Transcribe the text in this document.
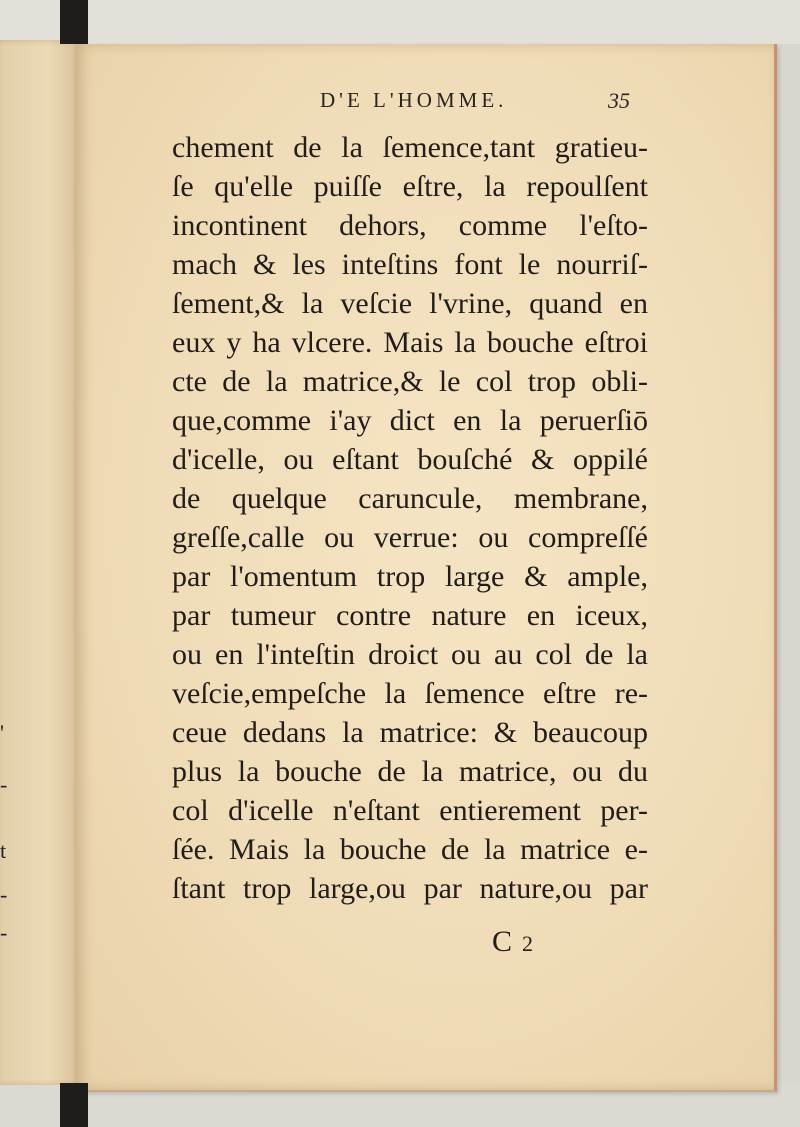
'
-
t
-
-
D'E L'HOMME.	35
chement de la ſemence,tant gratieu-
ſe qu'elle puiſſe eſtre, la repoulſent
incontinent dehors, comme l'eſto-
mach & les inteſtins font le nourriſ-
ſement,& la veſcie l'vrine, quand en
eux y ha vlcere. Mais la bouche eſtroi
cte de la matrice,& le col trop obli-
que,comme i'ay dict en la peruerſiō
d'icelle, ou eſtant bouſché & oppilé
de quelque caruncule, membrane,
greſſe,calle ou verrue: ou compreſſé
par l'omentum trop large & ample,
par tumeur contre nature en iceux,
ou en l'inteſtin droict ou au col de la
veſcie,empeſche la ſemence eſtre re-
ceue dedans la matrice: & beaucoup
plus la bouche de la matrice, ou du
col d'icelle n'eſtant entierement per-
ſée. Mais la bouche de la matrice e-
ſtant trop large,ou par nature,ou par
C 2
